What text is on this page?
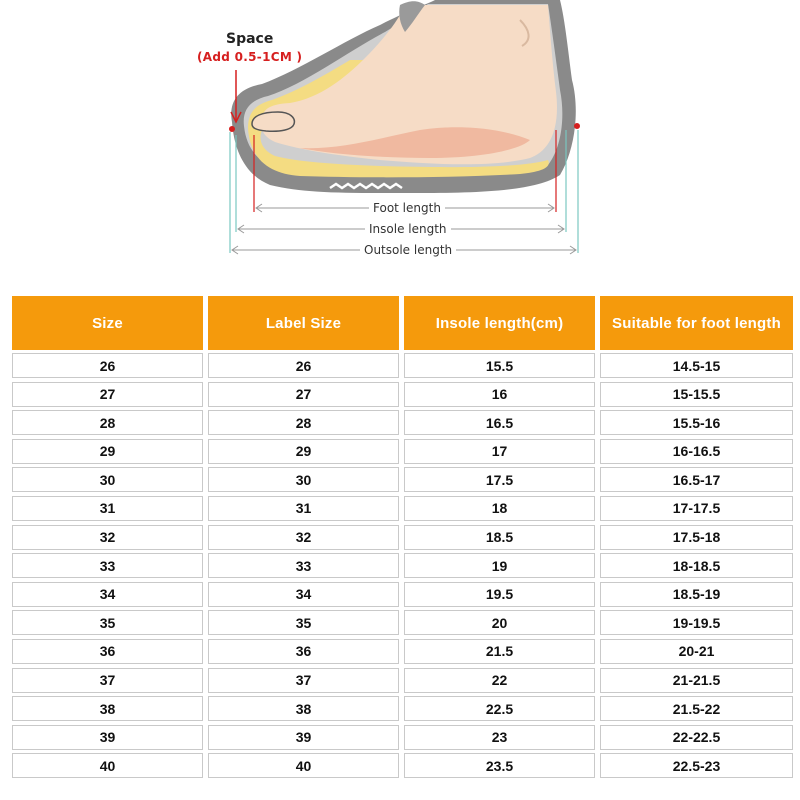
Space
(Add 0.5-1CM )
Foot length
Insole length
Outsole length
Size	Label Size	Insole length(cm)	Suitable for foot length
26	26	15.5	14.5-15
27	27	16	15-15.5
28	28	16.5	15.5-16
29	29	17	16-16.5
30	30	17.5	16.5-17
31	31	18	17-17.5
32	32	18.5	17.5-18
33	33	19	18-18.5
34	34	19.5	18.5-19
35	35	20	19-19.5
36	36	21.5	20-21
37	37	22	21-21.5
38	38	22.5	21.5-22
39	39	23	22-22.5
40	40	23.5	22.5-23
